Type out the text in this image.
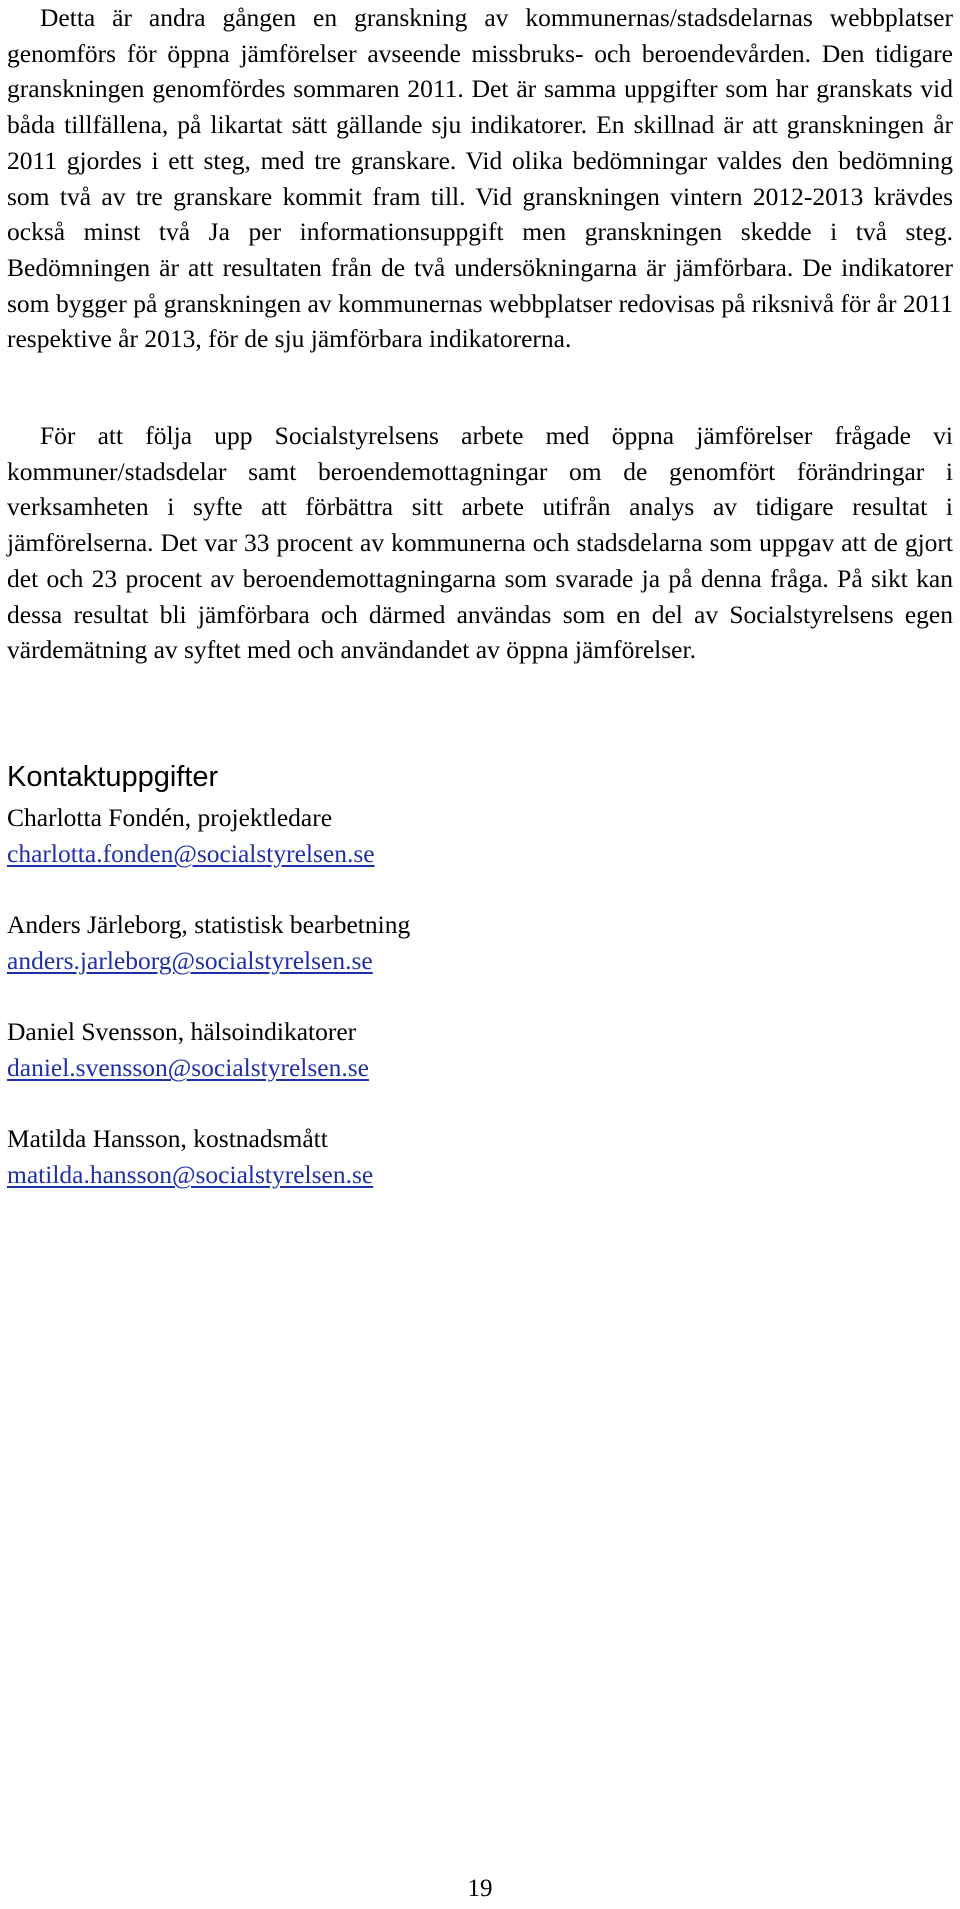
Detta är andra gången en granskning av kommunernas/stadsdelarnas webbplatser genomförs för öppna jämförelser avseende missbruks- och beroendevården. Den tidigare granskningen genomfördes sommaren 2011. Det är samma uppgifter som har granskats vid båda tillfällena, på likartat sätt gällande sju indikatorer. En skillnad är att granskningen år 2011 gjordes i ett steg, med tre granskare. Vid olika bedömningar valdes den bedömning som två av tre granskare kommit fram till. Vid granskningen vintern 2012-2013 krävdes också minst två Ja per informationsuppgift men granskningen skedde i två steg. Bedömningen är att resultaten från de två undersökningarna är jämförbara. De indikatorer som bygger på granskningen av kommunernas webbplatser redovisas på riksnivå för år 2011 respektive år 2013, för de sju jämförbara indikatorerna.

För att följa upp Socialstyrelsens arbete med öppna jämförelser frågade vi kommuner/stadsdelar samt beroendemottagningar om de genomfört förändringar i verksamheten i syfte att förbättra sitt arbete utifrån analys av tidigare resultat i jämförelserna. Det var 33 procent av kommunerna och stadsdelarna som uppgav att de gjort det och 23 procent av beroendemottagningarna som svarade ja på denna fråga. På sikt kan dessa resultat bli jämförbara och därmed användas som en del av Socialstyrelsens egen värdemätning av syftet med och användandet av öppna jämförelser.

Kontaktuppgifter
Charlotta Fondén, projektledare
charlotta.fonden@socialstyrelsen.se
Anders Järleborg, statistisk bearbetning
anders.jarleborg@socialstyrelsen.se
Daniel Svensson, hälsoindikatorer
daniel.svensson@socialstyrelsen.se
Matilda Hansson, kostnadsmått
matilda.hansson@socialstyrelsen.se
19
